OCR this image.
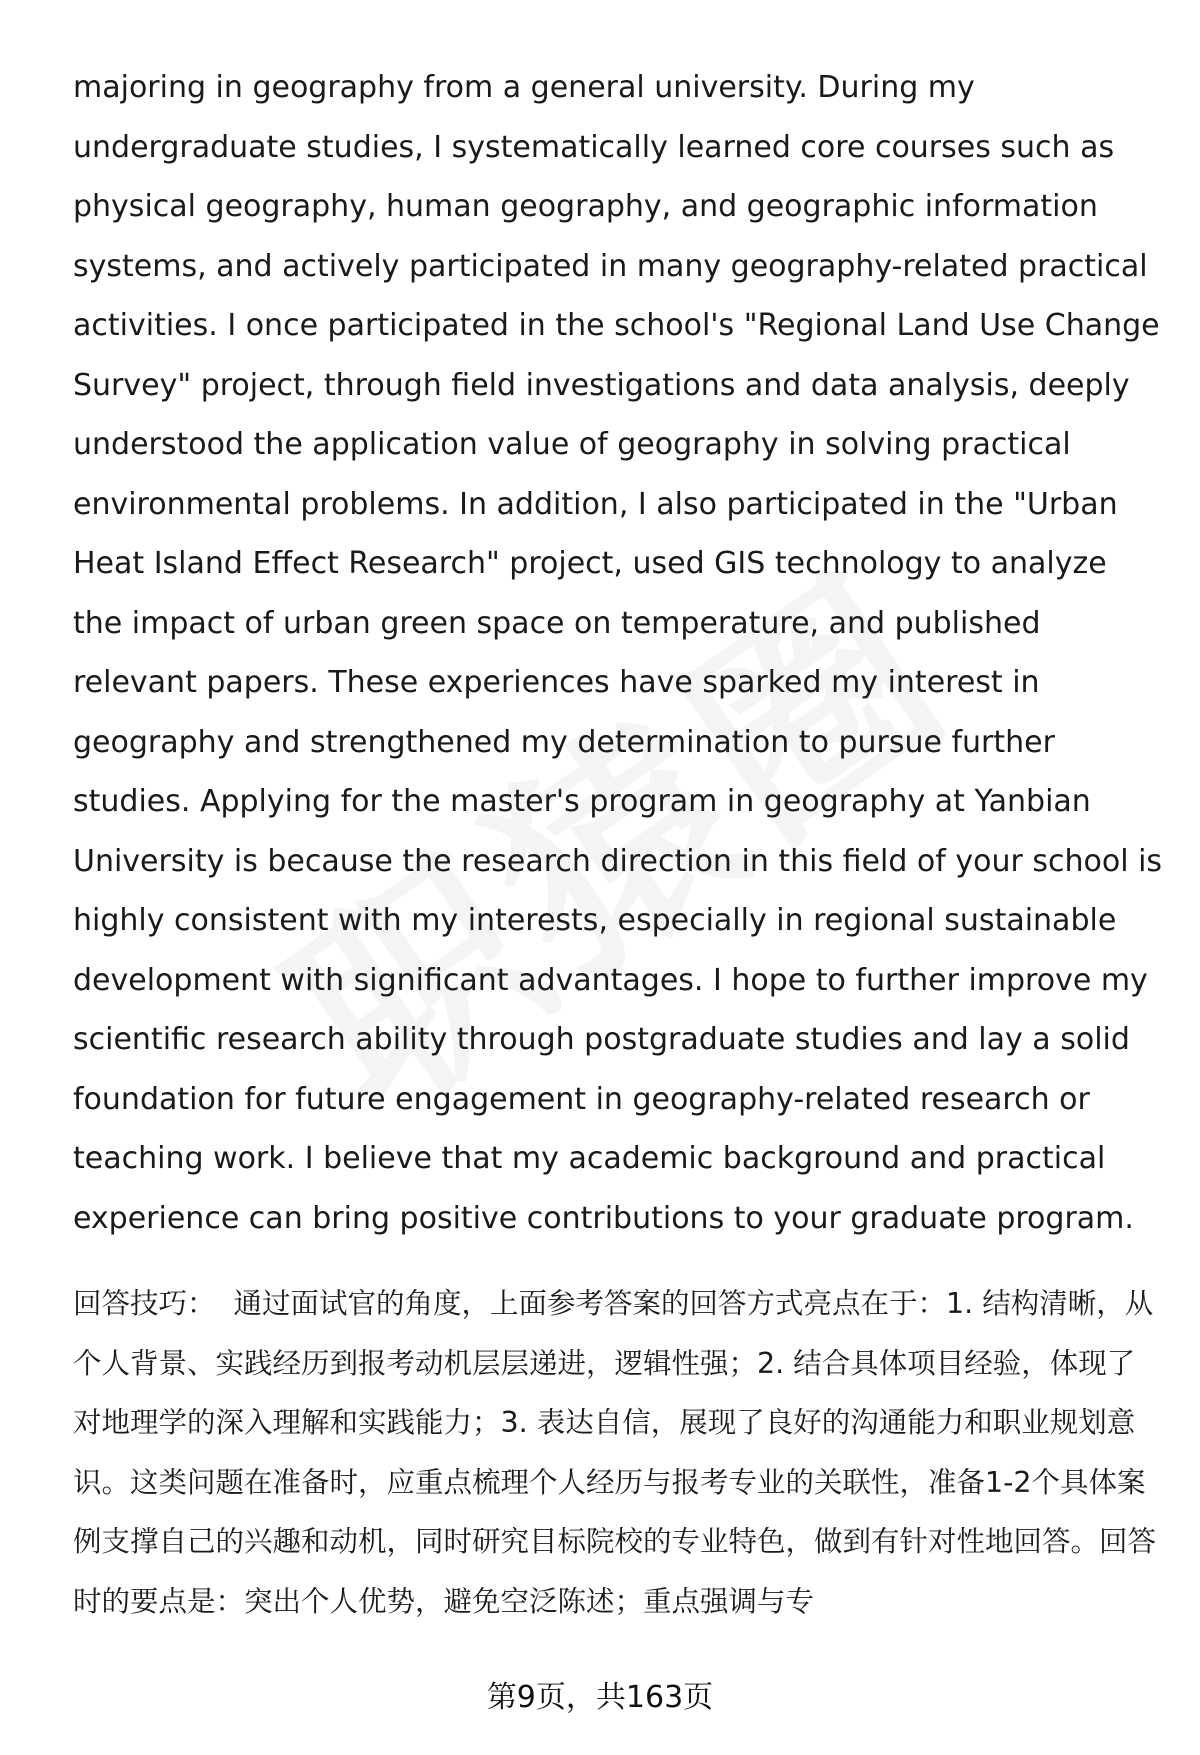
majoring in geography from a general university. During my undergraduate studies, I systematically learned core courses such as physical geography, human geography, and geographic information systems, and actively participated in many geography-related practical activities. I once participated in the school's "Regional Land Use Change Survey" project, through field investigations and data analysis, deeply understood the application value of geography in solving practical environmental problems. In addition, I also participated in the "Urban Heat Island Effect Research" project, used GIS technology to analyze the impact of urban green space on temperature, and published relevant papers. These experiences have sparked my interest in geography and strengthened my determination to pursue further studies. Applying for the master's program in geography at Yanbian University is because the research direction in this field of your school is highly consistent with my interests, especially in regional sustainable development with significant advantages. I hope to further improve my scientific research ability through postgraduate studies and lay a solid foundation for future engagement in geography-related research or teaching work. I believe that my academic background and practical experience can bring positive contributions to your graduate program.

回答技巧： 通过面试官的角度，上面参考答案的回答方式亮点在于：1. 结构清晰，从个人背景、实践经历到报考动机层层递进，逻辑性强；2. 结合具体项目经验，体现了对地理学的深入理解和实践能力；3. 表达自信，展现了良好的沟通能力和职业规划意识。这类问题在准备时，应重点梳理个人经历与报考专业的关联性，准备1-2个具体案例支撑自己的兴趣和动机，同时研究目标院校的专业特色，做到有针对性地回答。回答时的要点是：突出个人优势，避免空泛陈述；重点强调与专

第9页，共163页
